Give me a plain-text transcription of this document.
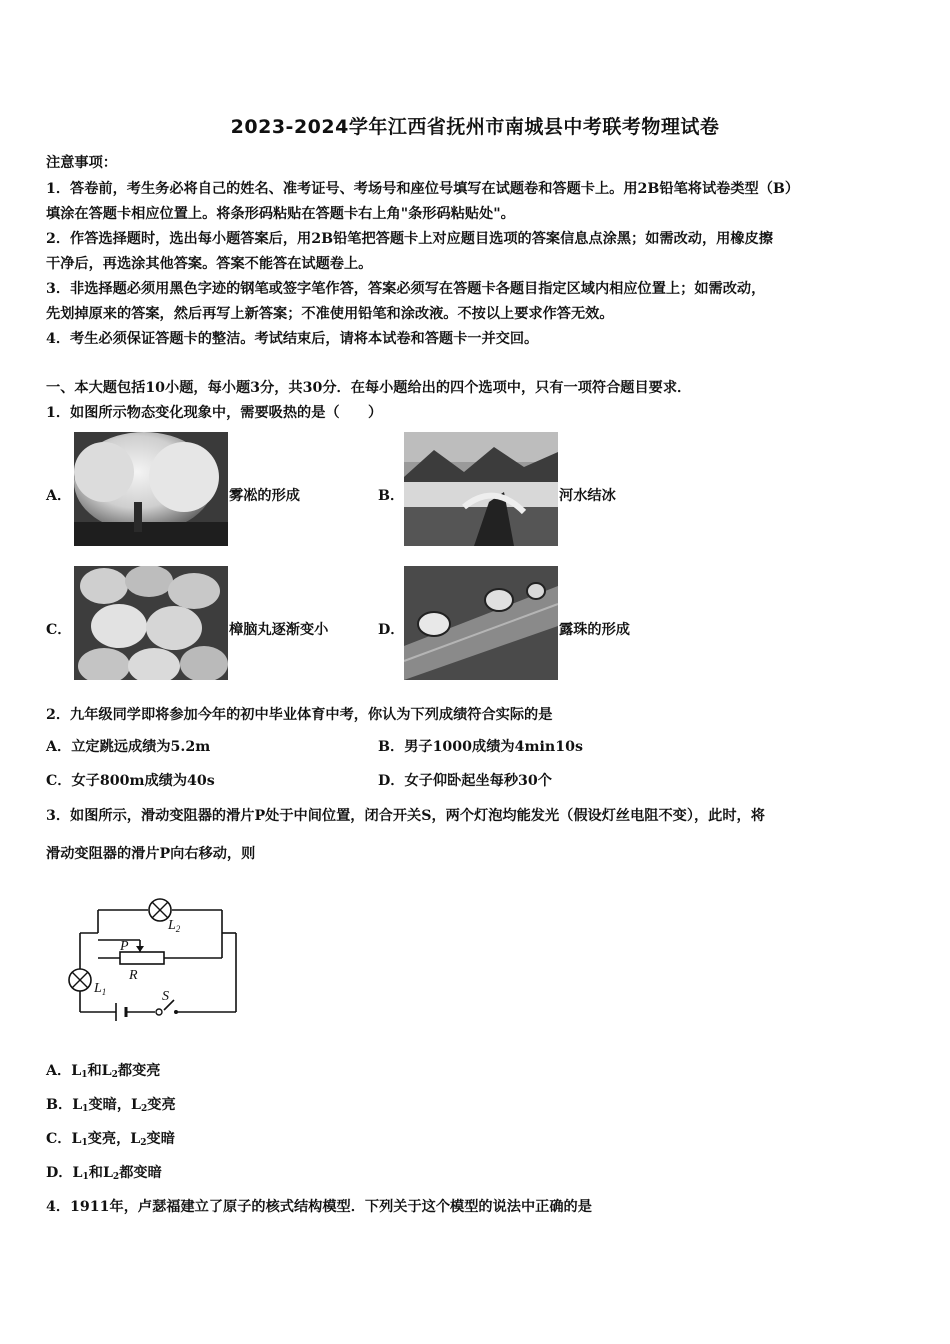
2023-2024学年江西省抚州市南城县中考联考物理试卷
注意事项：
1．答卷前，考生务必将自己的姓名、准考证号、考场号和座位号填写在试题卷和答题卡上。用2B铅笔将试卷类型（B）
填涂在答题卡相应位置上。将条形码粘贴在答题卡右上角"条形码粘贴处"。
2．作答选择题时，选出每小题答案后，用2B铅笔把答题卡上对应题目选项的答案信息点涂黑；如需改动，用橡皮擦
干净后，再选涂其他答案。答案不能答在试题卷上。
3．非选择题必须用黑色字迹的钢笔或签字笔作答，答案必须写在答题卡各题目指定区域内相应位置上；如需改动，
先划掉原来的答案，然后再写上新答案；不准使用铅笔和涂改液。不按以上要求作答无效。
4．考生必须保证答题卡的整洁。考试结束后，请将本试卷和答题卡一并交回。
一、本大题包括10小题，每小题3分，共30分．在每小题给出的四个选项中，只有一项符合题目要求．
1．如图所示物态变化现象中，需要吸热的是（　　）
A．	雾凇的形成	B．	河水结冰
C．	樟脑丸逐渐变小	D．	露珠的形成
2．九年级同学即将参加今年的初中毕业体育中考，你认为下列成绩符合实际的是
A．立定跳远成绩为5.2m	B．男子1000成绩为4min10s
C．女子800m成绩为40s	D．女子仰卧起坐每秒30个
3．如图所示，滑动变阻器的滑片P处于中间位置，闭合开关S，两个灯泡均能发光（假设灯丝电阻不变），此时，将
滑动变阻器的滑片P向右移动，则
$L_2$
$L_1$
P
R
S
A．$L_1$和$L_2$都变亮
B．$L_1$变暗，$L_2$变亮
C．$L_1$变亮，$L_2$变暗
D．$L_1$和$L_2$都变暗
4．1911年，卢瑟福建立了原子的核式结构模型．下列关于这个模型的说法中正确的是
